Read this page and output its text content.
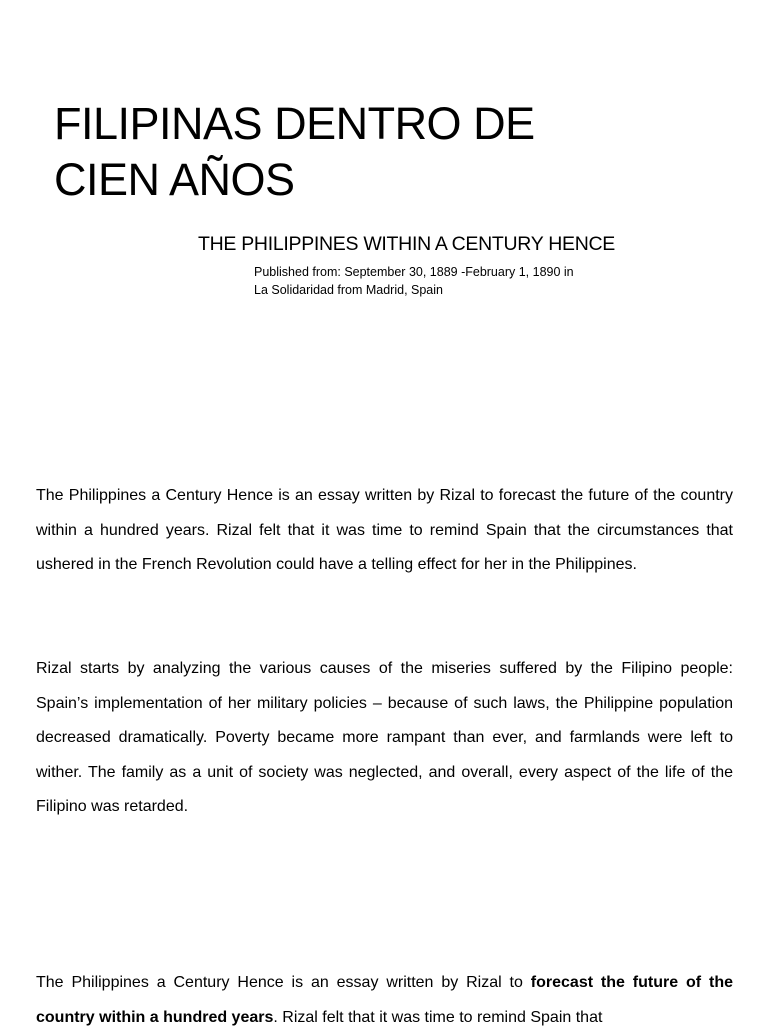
FILIPINAS DENTRO DE CIEN AÑOS

THE PHILIPPINES WITHIN A CENTURY HENCE

Published from: September 30, 1889 -February 1, 1890 in
La Solidaridad from Madrid, Spain

The Philippines a Century Hence is an essay written by Rizal to forecast the future of the country within a hundred years. Rizal felt that it was time to remind Spain that the circumstances that ushered in the French Revolution could have a telling effect for her in the Philippines.

Rizal starts by analyzing the various causes of the miseries suffered by the Filipino people: Spain’s implementation of her military policies – because of such laws, the Philippine population decreased dramatically. Poverty became more rampant than ever, and farmlands were left to wither. The family as a unit of society was neglected, and overall, every aspect of the life of the Filipino was retarded.

The Philippines a Century Hence is an essay written by Rizal to forecast the future of the country within a hundred years. Rizal felt that it was time to remind Spain that
